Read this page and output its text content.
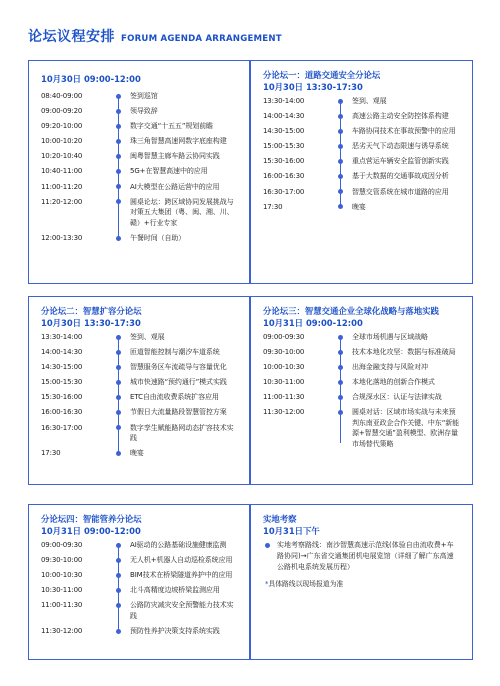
论坛议程安排 FORUM AGENDA ARRANGEMENT
10月30日 09:00-12:00
08:40-09:00	签到巡馆
09:00-09:20	领导致辞
09:20-10:00	数字交通“十五五”规划前瞻
10:00-10:20	珠三角智慧高速网数字底座构建
10:20-10:40	闽粤智慧主廊车路云协同实践
10:40-11:00	5G+在智慧高速中的应用
11:00-11:20	AI大模型在公路运营中的应用
11:20-12:00	圆桌论坛：跨区域协同发展挑战与对策五大集团（粤、闽、湘、川、赣）+行业专家
12:00-13:30	午餐时间（自助）
分论坛一：道路交通安全分论坛
10月30日 13:30-17:30
13:30-14:00	签到、观展
14:00-14:30	高速公路主动安全防控体系构建
14:30-15:00	车路协同技术在事故预警中的应用
15:00-15:30	恶劣天气下动态限速与诱导系统
15:30-16:00	重点营运车辆安全监管创新实践
16:00-16:30	基于大数据的交通事故成因分析
16:30-17:00	智慧交管系统在城市道路的应用
17:30	晚宴
分论坛二：智慧扩容分论坛
10月30日 13:30-17:30
13:30-14:00	签到、观展
14:00-14:30	匝道智能控制与潮汐车道系统
14:30-15:00	智慧服务区车流疏导与容量优化
15:00-15:30	城市快速路“预约通行”模式实践
15:30-16:00	ETC自由流收费系统扩容应用
16:00-16:30	节假日大流量路段智慧管控方案
16:30-17:00	数字孪生赋能路网动态扩容技术实践
17:30	晚宴
分论坛三：智慧交通企业全球化战略与落地实践
10月31日 09:00-12:00
09:00-09:30	全球市场机遇与区域战略
09:30-10:00	技术本地化攻坚：数据与标准破局
10:00-10:30	出海金融支持与风险对冲
10:30-11:00	本地化落地的创新合作模式
11:00-11:30	合规深水区：认证与法律实战
11:30-12:00	圆桌对话：区域市场实战与未来预判东南亚政企合作关键、中东“新能源+智慧交通”盈利模型、欧洲存量市场替代策略
分论坛四：智能管养分论坛
10月31日 09:00-12:00
09:00-09:30	AI驱动的公路基础设施健康监测
09:30-10:00	无人机+机器人自动巡检系统应用
10:00-10:30	BIM技术在桥梁隧道养护中的应用
10:30-11:00	北斗高精度边坡桥梁监测应用
11:00-11:30	公路防灾减灾安全预警能力技术实践
11:30-12:00	预防性养护决策支持系统实践
实地考察
10月31日下午
实地考察路线：南沙智慧高速示范线(体验自由流收费+车路协同)→广东省交通集团机电展览馆（详细了解广东高速公路机电系统发展历程）
*具体路线以现场报道为准
